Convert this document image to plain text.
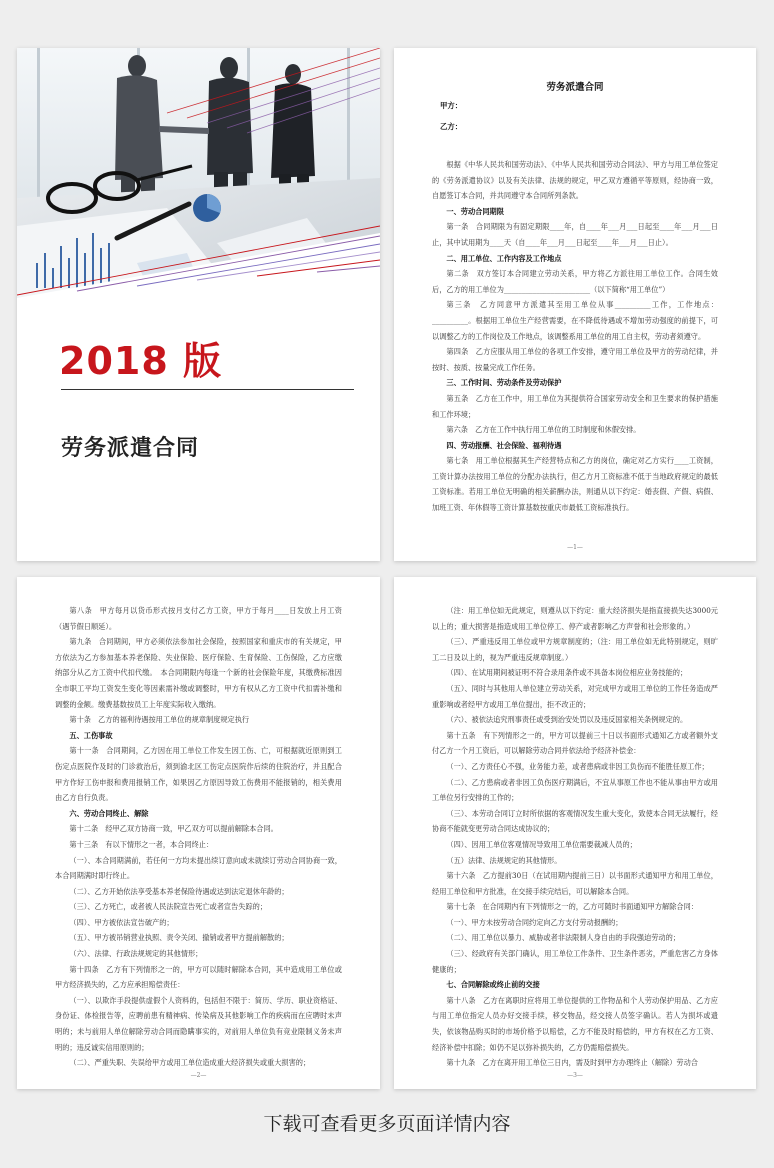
2018 版
劳务派遣合同
劳务派遣合同
甲方：
乙方：

根据《中华人民共和国劳动法》、《中华人民共和国劳动合同法》、甲方与用工单位签定的《劳务派遣协议》以及有关法律、法规的规定，甲乙双方遵循平等原则，经协商一致，自愿签订本合同，并共同遵守本合同所列条款。

一、劳动合同期限

第一条　合同期限为有固定期限____年，自____年___月___日起至____年___月___日止，其中试用期为____天（自____年___月___日起至____年___月___日止）。

二、用工单位、工作内容及工作地点

第二条　双方签订本合同建立劳动关系，甲方将乙方派往用工单位工作。合同生效后，乙方的用工单位为________________________（以下简称“用工单位”）

第三条　乙方同意甲方派遣其至用工单位从事__________工作，工作地点：__________。根据用工单位生产经营需要，在不降低待遇或不增加劳动强度的前提下，可以调整乙方的工作岗位及工作地点，该调整系用工单位的用工自主权，劳动者须遵守。

第四条　乙方应服从用工单位的各项工作安排，遵守用工单位及甲方的劳动纪律，并按时、按质、按量完成工作任务。

三、工作时间、劳动条件及劳动保护

第五条　乙方在工作中，用工单位为其提供符合国家劳动安全和卫生要求的保护措施和工作环境；

第六条　乙方在工作中执行用工单位的工时制度和休假安排。

四、劳动报酬、社会保险、福利待遇

第七条　用工单位根据其生产经营特点和乙方的岗位，确定对乙方实行____工资制，工资计算办法按用工单位的分配办法执行，但乙方月工资标准不低于当地政府规定的最低工资标准。若用工单位无明确的相关薪酬办法，则通从以下约定：婚丧假、产假、病假、加班工资、年休假等工资计算基数按重庆市最低工资标准执行。

—1—

第八条　甲方每月以货币形式按月支付乙方工资，甲方于每月____日发放上月工资（遇节假日顺延）。

第九条　合同期间，甲方必须依法参加社会保险，按照国家和重庆市的有关规定，甲方依法为乙方参加基本养老保险、失业保险、医疗保险、生育保险、工伤保险，乙方应缴纳部分从乙方工资中代扣代缴。　本合同期限内每逢一个新的社会保险年度，其缴费标准因全市职工平均工资发生变化等因素需补缴或调整时，甲方有权从乙方工资中代扣需补缴和调整的金额。缴费基数按员工上年度实际收入缴纳。

第十条　乙方的福利待遇按用工单位的规章制度规定执行

五、工伤事故

第十一条　合同期间，乙方因在用工单位工作发生因工伤、亡，可根据就近原则到工伤定点医院作及时的门诊救治后，须到渝北区工伤定点医院作后续的住院治疗，并且配合甲方作好工伤申报和费用报销工作，如果因乙方原因导致工伤费用不能报销的，相关费用由乙方自行负责。

六、劳动合同终止、解除

第十二条　经甲乙双方协商一致，甲乙双方可以提前解除本合同。

第十三条　有以下情形之一者，本合同终止：

（一）、本合同期满前，若任何一方均未提出续订意向或未就续订劳动合同协商一致，本合同期满时即行终止。

（二）、乙方开始依法享受基本养老保险待遇或达到法定退休年龄的；

（三）、乙方死亡，或者被人民法院宣告死亡或者宣告失踪的；

（四）、甲方被依法宣告破产的；

（五）、甲方被吊销营业执照、责令关闭、撤销或者甲方提前解散的；

（六）、法律、行政法规规定的其他情形；

第十四条　乙方有下列情形之一的，甲方可以随时解除本合同，其中造成用工单位或甲方经济损失的，乙方应承担赔偿责任：

（一）、以欺诈手段提供虚假个人资料的，包括但不限于：简历、学历、职业资格证、身份证、体检报告等，应聘前患有精神病、传染病及其他影响工作的疾病而在应聘时未声明的；未与前用人单位解除劳动合同而隐瞒事实的，对前用人单位负有竞业限制义务未声明的；违反诚实信用原则的；

（二）、严重失职、失误给甲方或用工单位造成重大经济损失或重大损害的；

—2—

（注：用工单位如无此规定，则遵从以下约定：重大经济损失是指直接损失达3000元以上的；重大损害是指造成用工单位停工、停产或者影响乙方声誉和社会形象的。）

（三）、严重违反用工单位或甲方规章制度的；（注：用工单位如无此特别规定，则旷工二日及以上的，视为严重违反规章制度。）

（四）、在试用期间被证明不符合录用条件或不具备本岗位相应业务技能的；

（五）、同时与其他用人单位建立劳动关系，对完成甲方或用工单位的工作任务造成严重影响或者经甲方或用工单位提出，拒不改正的；

（六）、被依法追究刑事责任或受到治安处罚以及违反国家相关条例规定的。

第十五条　有下列情形之一的，甲方可以提前三十日以书面形式通知乙方或者额外支付乙方一个月工资后，可以解除劳动合同并依法给予经济补偿金：

（一）、乙方责任心不强，业务能力差，或者患病或非因工负伤而不能胜任原工作；

（二）、乙方患病或者非因工负伤医疗期满后，不宜从事原工作也不能从事由甲方或用工单位另行安排的工作的；

（三）、本劳动合同订立时所依据的客观情况发生重大变化，致使本合同无法履行，经协商不能就变更劳动合同达成协议的；

（四）、因用工单位客观情况导致用工单位需要裁减人员的；

（五）法律、法规规定的其他情形。

第十六条　乙方提前30日（在试用期内提前三日）以书面形式通知甲方和用工单位，经用工单位和甲方批准，在交接手续完结后，可以解除本合同。

第十七条　在合同期内有下列情形之一的，乙方可随时书面通知甲方解除合同：

（一）、甲方未按劳动合同约定向乙方支付劳动报酬的；

（二）、用工单位以暴力、威胁或者非法限制人身自由的手段强迫劳动的；

（三）、经政府有关部门确认，用工单位工作条件、卫生条件恶劣，严重危害乙方身体健康的；

七、合同解除或终止前的交接

第十八条　乙方在离职时应将用工单位提供的工作物品和个人劳动保护用品、乙方应与用工单位指定人员办好交接手续，移交物品，经交接人员签字确认。若人为损坏或遗失，依该物品购买时的市场价格予以赔偿，乙方不能及时赔偿的，甲方有权在乙方工资、经济补偿中扣除；如仍不足以弥补损失的，乙方仍需赔偿损失。

第十九条　乙方在离开用工单位三日内，需及时到甲方办理终止（解除）劳动合

—3—
下载可查看更多页面详情内容
